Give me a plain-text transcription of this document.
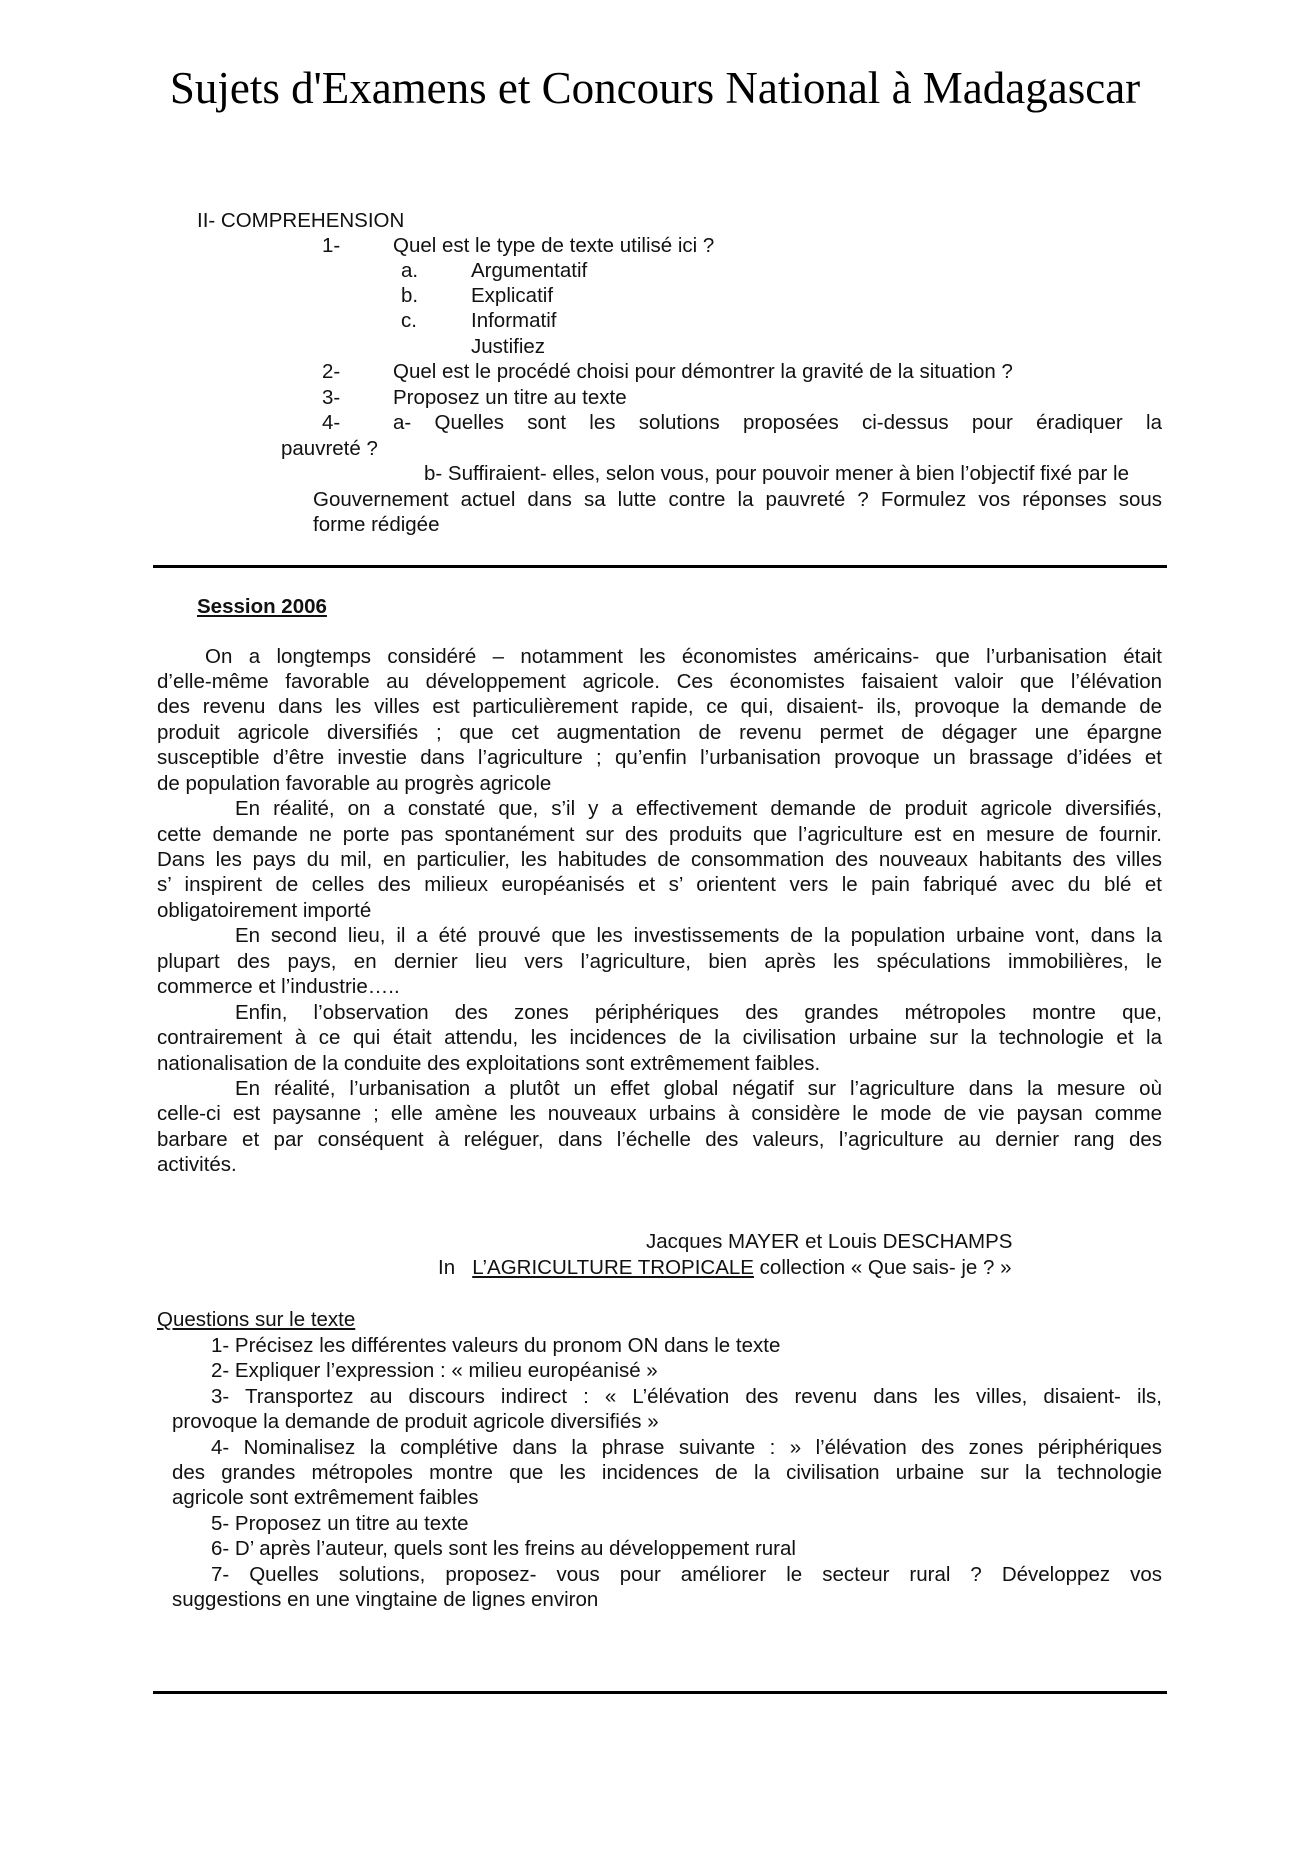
Sujets d'Examens et Concours National à Madagascar
II- COMPREHENSION
1-	Quel est le type de texte utilisé ici ?
a.	Argumentatif
b.	Explicatif
c.	Informatif
Justifiez
2-	Quel est le procédé choisi pour démontrer la gravité de la situation ?
3-	Proposez un titre au texte
4-	a- Quelles sont les solutions proposées ci-dessus pour éradiquer la
pauvreté ?
b- Suffiraient- elles, selon vous, pour pouvoir mener à bien l’objectif fixé par le
Gouvernement actuel dans sa lutte contre la pauvreté ? Formulez vos réponses sous
forme rédigée
Session 2006
On a longtemps considéré – notamment les économistes américains- que l’urbanisation était
d’elle-même favorable au développement agricole. Ces économistes faisaient valoir que l’élévation
des revenu dans les villes est particulièrement rapide, ce qui, disaient- ils, provoque la demande de
produit agricole diversifiés ; que cet augmentation de revenu permet de dégager une épargne
susceptible d’être investie dans l’agriculture ; qu’enfin l’urbanisation provoque un brassage d’idées et
de population favorable au progrès agricole
En réalité, on a constaté que, s’il y a effectivement demande de produit agricole diversifiés,
cette demande ne porte pas spontanément sur des produits que l’agriculture est en mesure de fournir.
Dans les pays du mil, en particulier, les habitudes de consommation des nouveaux habitants des villes
s’ inspirent de celles des milieux européanisés et s’ orientent vers le pain fabriqué avec du blé et
obligatoirement importé
En second lieu, il a été prouvé que les investissements de la population urbaine vont, dans la
plupart des pays, en dernier lieu vers l’agriculture, bien après les spéculations immobilières, le
commerce et l’industrie…..
Enfin, l’observation des zones périphériques des grandes métropoles montre que,
contrairement à ce qui était attendu, les incidences de la civilisation urbaine sur la technologie et la
nationalisation de la conduite des exploitations sont extrêmement faibles.
En réalité, l’urbanisation a plutôt un effet global négatif sur l’agriculture dans la mesure où
celle-ci est paysanne ; elle amène les nouveaux urbains à considère le mode de vie paysan comme
barbare et par conséquent à reléguer, dans l’échelle des valeurs, l’agriculture au dernier rang des
activités.
Jacques MAYER et Louis DESCHAMPS
In L’AGRICULTURE TROPICALE collection « Que sais- je ? »
Questions sur le texte
1- Précisez les différentes valeurs du pronom ON dans le texte
2- Expliquer l’expression : « milieu européanisé »
3- Transportez au discours indirect : « L’élévation des revenu dans les villes, disaient- ils,
provoque la demande de produit agricole diversifiés »
4- Nominalisez la complétive dans la phrase suivante : » l’élévation des zones périphériques
des grandes métropoles montre que les incidences de la civilisation urbaine sur la technologie
agricole sont extrêmement faibles
5- Proposez un titre au texte
6- D’ après l’auteur, quels sont les freins au développement rural
7- Quelles solutions, proposez- vous pour améliorer le secteur rural ? Développez vos
suggestions en une vingtaine de lignes environ
